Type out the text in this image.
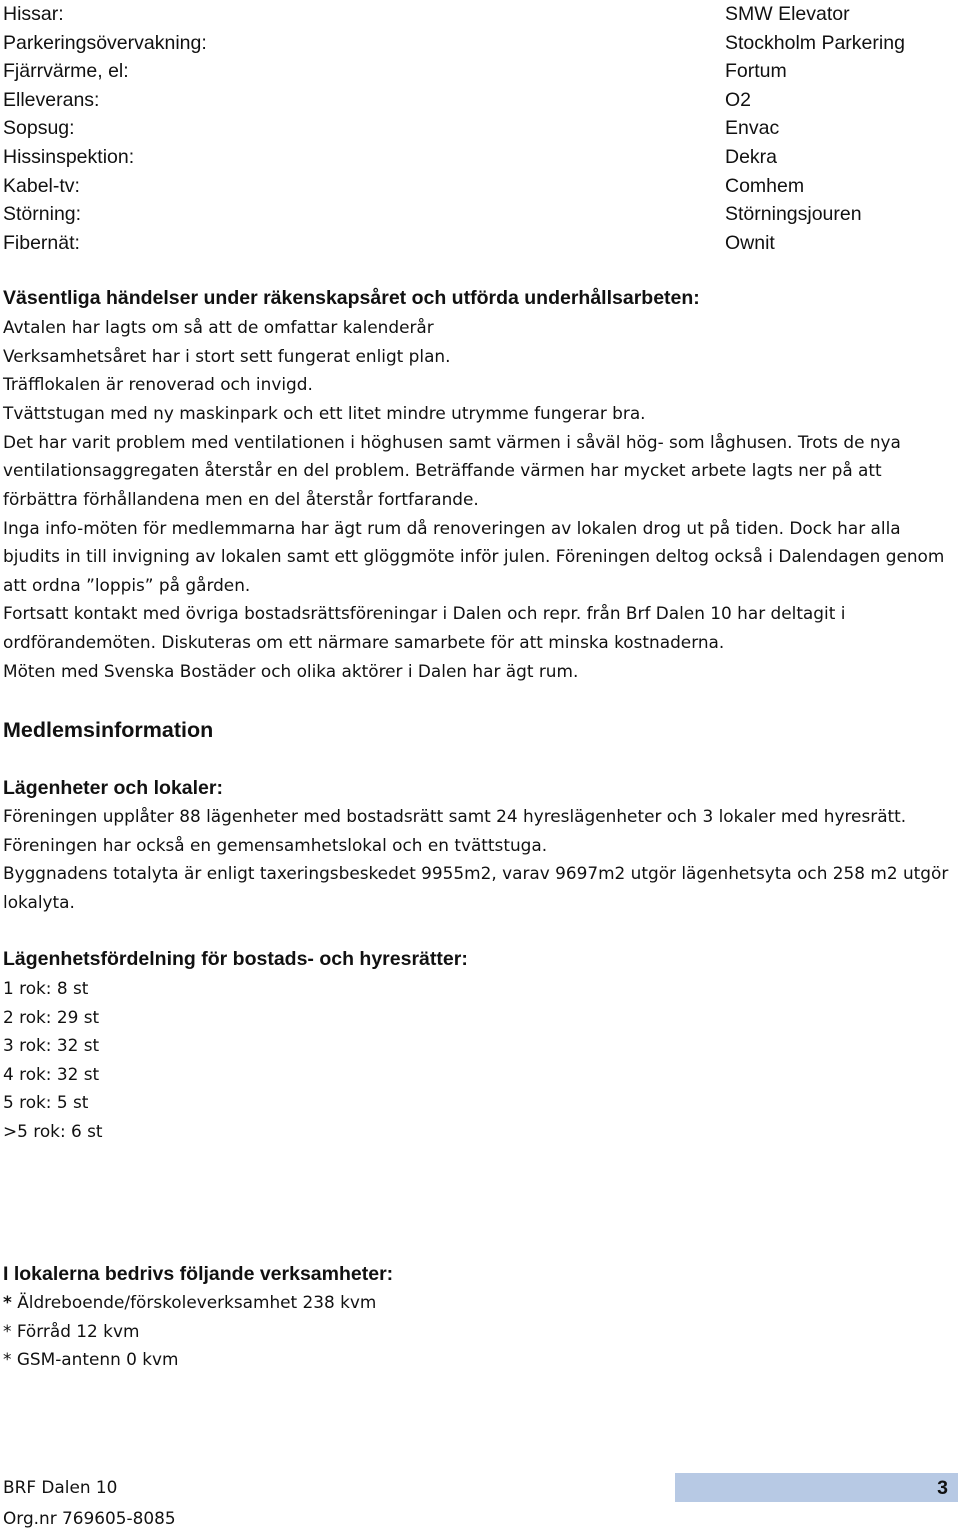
Hissar:	SMW Elevator
Parkeringsövervakning:	Stockholm Parkering
Fjärrvärme, el:	Fortum
Elleverans:	O2
Sopsug:	Envac
Hissinspektion:	Dekra
Kabel-tv:	Comhem
Störning:	Störningsjouren
Fibernät:	Ownit

Väsentliga händelser under räkenskapsåret och utförda underhållsarbeten:

Avtalen har lagts om så att de omfattar kalenderår

Verksamhetsåret har i stort sett fungerat enligt plan.

Träfflokalen är renoverad och invigd.

Tvättstugan med ny maskinpark och ett litet mindre utrymme fungerar bra.

Det har varit problem med ventilationen i höghusen samt värmen i såväl hög- som låghusen. Trots de nya ventilationsaggregaten återstår en del problem. Beträffande värmen har mycket arbete lagts ner på att förbättra förhållandena men en del återstår fortfarande.

Inga info-möten för medlemmarna har ägt rum då renoveringen av lokalen drog ut på tiden. Dock har alla bjudits in till invigning av lokalen samt ett glöggmöte inför julen. Föreningen deltog också i Dalendagen genom att ordna ”loppis” på gården.

Fortsatt kontakt med övriga bostadsrättsföreningar i Dalen och repr. från Brf Dalen 10 har deltagit i ordförandemöten. Diskuteras om ett närmare samarbete för att minska kostnaderna.

Möten med Svenska Bostäder och olika aktörer i Dalen har ägt rum.

Medlemsinformation

Lägenheter och lokaler:

Föreningen upplåter 88 lägenheter med bostadsrätt samt 24 hyreslägenheter och 3 lokaler med hyresrätt. Föreningen har också en gemensamhetslokal och en tvättstuga.

Byggnadens totalyta är enligt taxeringsbeskedet 9955m2, varav 9697m2 utgör lägenhetsyta och 258 m2 utgör lokalyta.

Lägenhetsfördelning för bostads- och hyresrätter:

1 rok: 8 st
2 rok: 29 st
3 rok: 32 st
4 rok: 32 st
5 rok: 5 st
>5 rok: 6 st

I lokalerna bedrivs följande verksamheter:

* Äldreboende/förskoleverksamhet 238 kvm
* Förråd 12 kvm
* GSM-antenn 0 kvm
BRF Dalen 10	3
Org.nr 769605-8085
